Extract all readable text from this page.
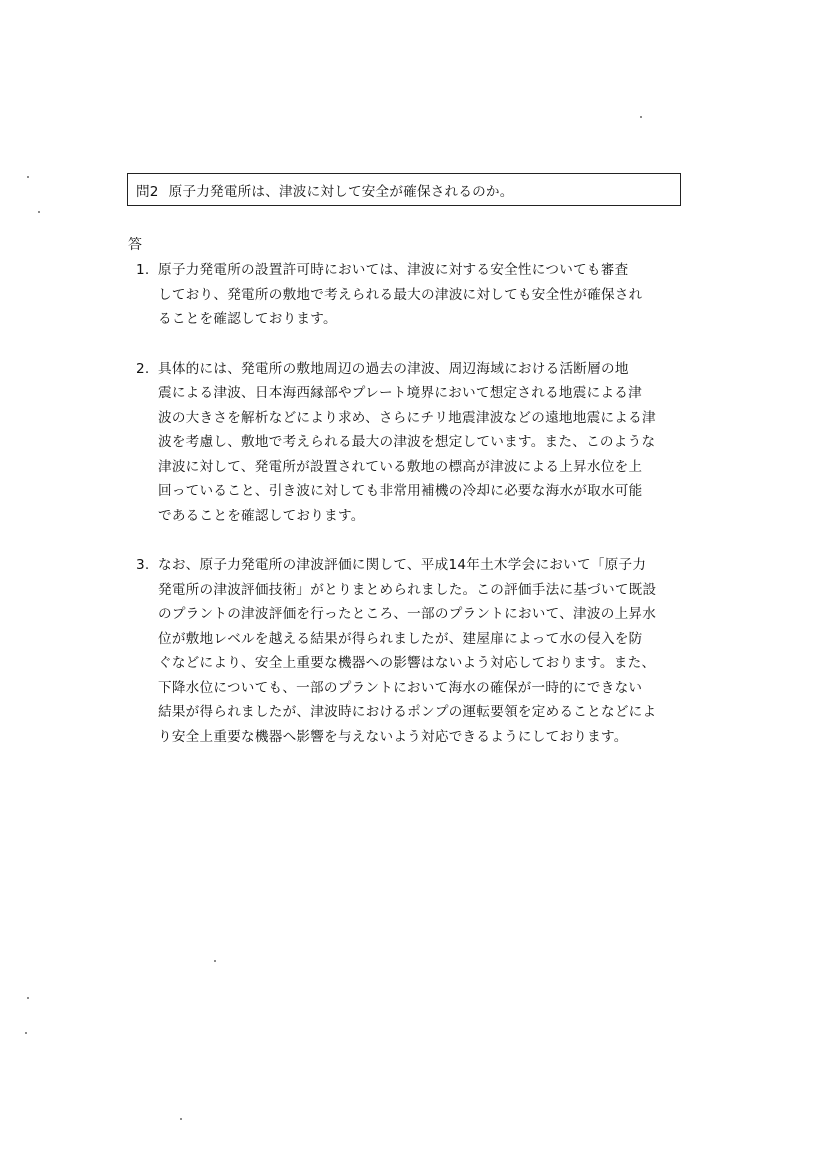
問2 原子力発電所は、津波に対して安全が確保されるのか。
答
1. 原子力発電所の設置許可時においては、津波に対する安全性についても審査
しており、発電所の敷地で考えられる最大の津波に対しても安全性が確保され
ることを確認しております。
2. 具体的には、発電所の敷地周辺の過去の津波、周辺海域における活断層の地
震による津波、日本海西縁部やプレート境界において想定される地震による津
波の大きさを解析などにより求め、さらにチリ地震津波などの遠地地震による津
波を考慮し、敷地で考えられる最大の津波を想定しています。また、このような
津波に対して、発電所が設置されている敷地の標高が津波による上昇水位を上
回っていること、引き波に対しても非常用補機の冷却に必要な海水が取水可能
であることを確認しております。
3. なお、原子力発電所の津波評価に関して、平成14年土木学会において「原子力
発電所の津波評価技術」がとりまとめられました。この評価手法に基づいて既設
のプラントの津波評価を行ったところ、一部のプラントにおいて、津波の上昇水
位が敷地レベルを越える結果が得られましたが、建屋扉によって水の侵入を防
ぐなどにより、安全上重要な機器への影響はないよう対応しております。また、
下降水位についても、一部のプラントにおいて海水の確保が一時的にできない
結果が得られましたが、津波時におけるポンプの運転要領を定めることなどによ
り安全上重要な機器へ影響を与えないよう対応できるようにしております。
